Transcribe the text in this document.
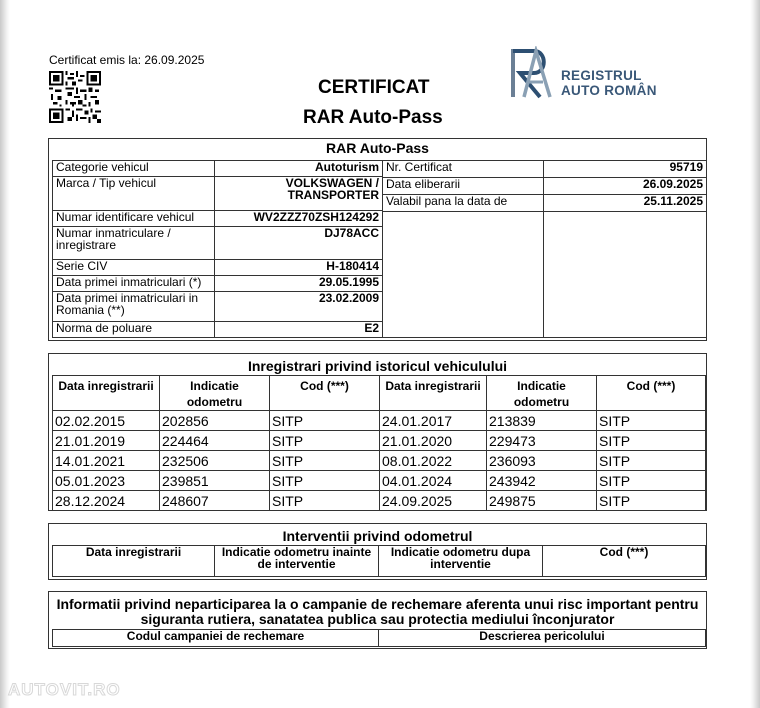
Certificat emis la: 26.09.2025
CERTIFICAT
RAR Auto-Pass
REGISTRUL
AUTO ROMÂN
RAR Auto-Pass
Categorie vehicul	Autoturism
Marca / Tip vehicul	VOLKSWAGEN / TRANSPORTER
Numar identificare vehicul	WV2ZZZ70ZSH124292
Numar inmatriculare / inregistrare	DJ78ACC
Serie CIV	H-180414
Data primei inmatriculari (*)	29.05.1995
Data primei inmatriculari in Romania (**)	23.02.2009
Norma de poluare	E2
Nr. Certificat	95719
Data eliberarii	26.09.2025
Valabil pana la data de	25.11.2025

Inregistrari privind istoricul vehiculului
Data inregistrarii	Indicatie odometru	Cod (***)	Data inregistrarii	Indicatie odometru	Cod (***)
02.02.2015	202856	SITP	24.01.2017	213839	SITP
21.01.2019	224464	SITP	21.01.2020	229473	SITP
14.01.2021	232506	SITP	08.01.2022	236093	SITP
05.01.2023	239851	SITP	04.01.2024	243942	SITP
28.12.2024	248607	SITP	24.09.2025	249875	SITP
Interventii privind odometrul
Data inregistrarii	Indicatie odometru inainte de interventie	Indicatie odometru dupa interventie	Cod (***)
Informatii privind neparticiparea la o campanie de rechemare aferenta unui risc important pentru siguranta rutiera, sanatatea publica sau protectia mediului înconjurator
Codul campaniei de rechemare	Descrierea pericolului
AUTOVIT.RO
